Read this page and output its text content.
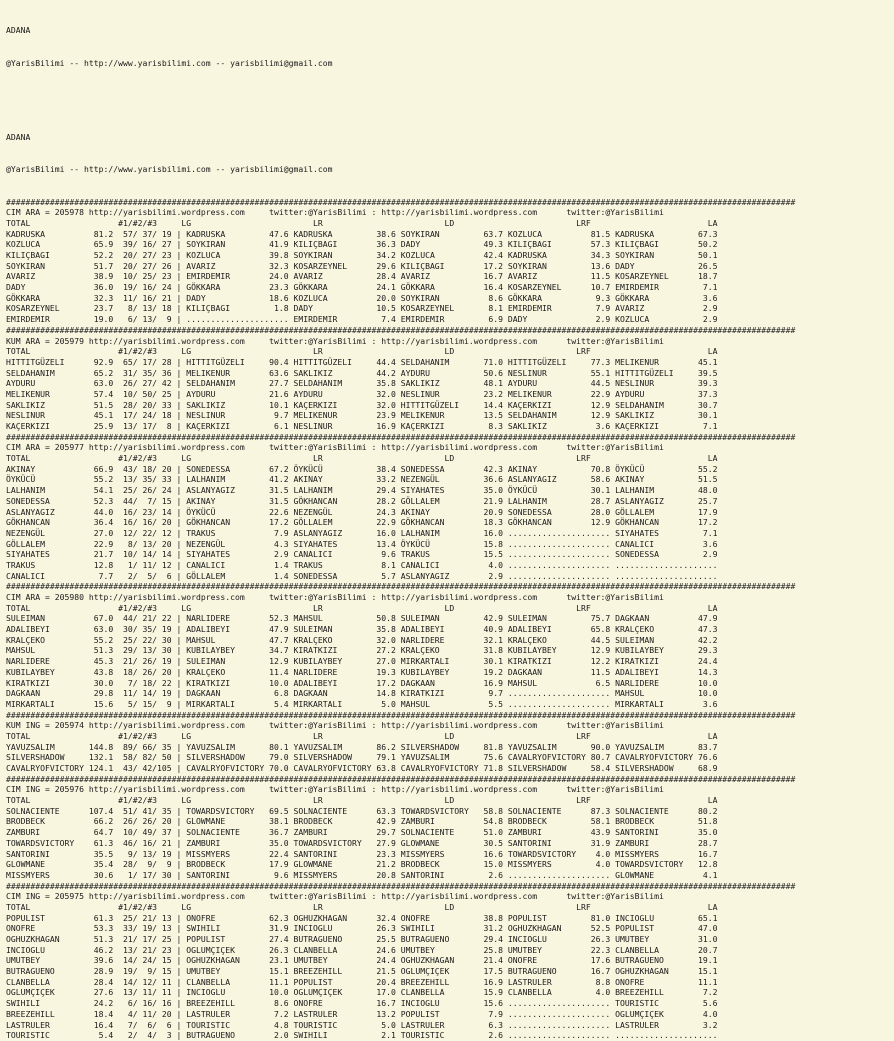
ADANA

@YarisBilimi -- http://www.yarisbilimi.com -- yarisbilimi@gmail.com

ADANA

@YarisBilimi -- http://www.yarisbilimi.com -- yarisbilimi@gmail.com

##################################################################################################################################################################
CIM ARA = 205978 http://yarisbilimi.wordpress.com     twitter:@YarisBilimi : http://yarisbilimi.wordpress.com      twitter:@YarisBilimi
TOTAL                  #1/#2/#3     LG                         LR                         LD                         LRF                        LA
KADRUSKA          81.2  57/ 37/ 19 | KADRUSKA         47.6 KADRUSKA         38.6 SOYKIRAN         63.7 KOZLUCA          81.5 KADRUSKA         67.3
KOZLUCA           65.9  39/ 16/ 27 | SOYKIRAN         41.9 KILIÇBAGI        36.3 DADY             49.3 KILIÇBAGI        57.3 KILIÇBAGI        50.2
KILIÇBAGI         52.2  20/ 27/ 23 | KOZLUCA          39.8 SOYKIRAN         34.2 KOZLUCA          42.4 KADRUSKA         34.3 SOYKIRAN         50.1
SOYKIRAN          51.7  20/ 27/ 26 | AVARIZ           32.3 KOSARZEYNEL      29.6 KILIÇBAGI        17.2 SOYKIRAN         13.6 DADY             26.5
AVARIZ            38.9  10/ 25/ 23 | EMIRDEMIR        24.0 AVARIZ           28.4 AVARIZ           16.7 AVARIZ           11.5 KOSARZEYNEL      18.7
DADY              36.0  19/ 16/ 24 | GÖKKARA          23.3 GÖKKARA          24.1 GÖKKARA          16.4 KOSARZEYNEL      10.7 EMIRDEMIR         7.1
GÖKKARA           32.3  11/ 16/ 21 | DADY             18.6 KOZLUCA          20.0 SOYKIRAN          8.6 GÖKKARA           9.3 GÖKKARA           3.6
KOSARZEYNEL       23.7   8/ 13/ 18 | KILIÇBAGI         1.8 DADY             10.5 KOSARZEYNEL       8.1 EMIRDEMIR         7.9 AVARIZ            2.9
EMIRDEMIR         19.0   6/ 13/  9 | ..................... EMIRDEMIR         7.4 EMIRDEMIR         6.9 DADY              2.9 KOZLUCA           2.9
##################################################################################################################################################################
KUM ARA = 205979 http://yarisbilimi.wordpress.com     twitter:@YarisBilimi : http://yarisbilimi.wordpress.com      twitter:@YarisBilimi
TOTAL                  #1/#2/#3     LG                         LR                         LD                         LRF                        LA
HITTITGÜZELI      92.9  65/ 17/ 28 | HITTITGÜZELI     90.4 HITTITGÜZELI     44.4 SELDAHANIM       71.0 HITTITGÜZELI     77.3 MELIKENUR        45.1
SELDAHANIM        65.2  31/ 35/ 36 | MELIKENUR        63.6 SAKLIKIZ         44.2 AYDURU           50.6 NESLINUR         55.1 HITTITGÜZELI     39.5
AYDURU            63.0  26/ 27/ 42 | SELDAHANIM       27.7 SELDAHANIM       35.8 SAKLIKIZ         48.1 AYDURU           44.5 NESLINUR         39.3
MELIKENUR         57.4  10/ 50/ 25 | AYDURU           21.6 AYDURU           32.0 NESLINUR         23.2 MELIKENUR        22.9 AYDURU           37.3
SAKLIKIZ          51.5  28/ 20/ 33 | SAKLIKIZ         10.1 KAÇERKIZI        32.0 HITTITGÜZELI     14.4 KAÇERKIZI        12.9 SELDAHANIM       30.7
NESLINUR          45.1  17/ 24/ 18 | NESLINUR          9.7 MELIKENUR        23.9 MELIKENUR        13.5 SELDAHANIM       12.9 SAKLIKIZ         30.1
KAÇERKIZI         25.9  13/ 17/  8 | KAÇERKIZI         6.1 NESLINUR         16.9 KAÇERKIZI         8.3 SAKLIKIZ          3.6 KAÇERKIZI         7.1
##################################################################################################################################################################
CIM ARA = 205977 http://yarisbilimi.wordpress.com     twitter:@YarisBilimi : http://yarisbilimi.wordpress.com      twitter:@YarisBilimi
TOTAL                  #1/#2/#3     LG                         LR                         LD                         LRF                        LA
AKINAY            66.9  43/ 18/ 20 | SONEDESSA        67.2 ÖYKÜCÜ           38.4 SONEDESSA        42.3 AKINAY           70.8 ÖYKÜCÜ           55.2
ÖYKÜCÜ            55.2  13/ 35/ 33 | LALHANIM         41.2 AKINAY           33.2 NEZENGÜL         36.6 ASLANYAGIZ       58.6 AKINAY           51.5
LALHANIM          54.1  25/ 26/ 24 | ASLANYAGIZ       31.5 LALHANIM         29.4 SIYAHATES        35.0 ÖYKÜCÜ           30.1 LALHANIM         48.0
SONEDESSA         52.3  44/  7/ 15 | AKINAY           31.5 GÖKHANCAN        28.2 GÖLLALEM         21.9 LALHANIM         28.7 ASLANYAGIZ       25.7
ASLANYAGIZ        44.0  16/ 23/ 14 | ÖYKÜCÜ           22.6 NEZENGÜL         24.3 AKINAY           20.9 SONEDESSA        28.0 GÖLLALEM         17.9
GÖKHANCAN         36.4  16/ 16/ 20 | GÖKHANCAN        17.2 GÖLLALEM         22.9 GÖKHANCAN        18.3 GÖKHANCAN        12.9 GÖKHANCAN        17.2
NEZENGÜL          27.0  12/ 22/ 12 | TRAKUS            7.9 ASLANYAGIZ       16.0 LALHANIM         16.0 ..................... SIYAHATES         7.1
GÖLLALEM          22.9   8/ 13/ 20 | NEZENGÜL          4.3 SIYAHATES        13.4 ÖYKÜCÜ           15.8 ..................... CANALICI          3.6
SIYAHATES         21.7  10/ 14/ 14 | SIYAHATES         2.9 CANALICI          9.6 TRAKUS           15.5 ..................... SONEDESSA         2.9
TRAKUS            12.8   1/ 11/ 12 | CANALICI          1.4 TRAKUS            8.1 CANALICI          4.0 ..................... .....................
CANALICI           7.7   2/  5/  6 | GÖLLALEM          1.4 SONEDESSA         5.7 ASLANYAGIZ        2.9 ..................... .....................
##################################################################################################################################################################
CIM ARA = 205980 http://yarisbilimi.wordpress.com     twitter:@YarisBilimi : http://yarisbilimi.wordpress.com      twitter:@YarisBilimi
TOTAL                  #1/#2/#3     LG                         LR                         LD                         LRF                        LA
SULEIMAN          67.0  44/ 21/ 22 | NARLIDERE        52.3 MAHSUL           50.8 SULEIMAN         42.9 SULEIMAN         75.7 DAGKAAN          47.9
ADALIBEYI         63.0  30/ 35/ 19 | ADALIBEYI        47.9 SULEIMAN         35.8 ADALIBEYI        40.9 ADALIBEYI        65.8 KRALÇEKO         47.3
KRALÇEKO          55.2  25/ 22/ 30 | MAHSUL           47.7 KRALÇEKO         32.0 NARLIDERE        32.1 KRALÇEKO         44.5 SULEIMAN         42.2
MAHSUL            51.3  29/ 13/ 30 | KUBILAYBEY       34.7 KIRATKIZI        27.2 KRALÇEKO         31.8 KUBILAYBEY       12.9 KUBILAYBEY       29.3
NARLIDERE         45.3  21/ 26/ 19 | SULEIMAN         12.9 KUBILAYBEY       27.0 MIRKARTALI       30.1 KIRATKIZI        12.2 KIRATKIZI        24.4
KUBILAYBEY        43.8  18/ 26/ 20 | KRALÇEKO         11.4 NARLIDERE        19.3 KUBILAYBEY       19.2 DAGKAAN          11.5 ADALIBEYI        14.3
KIRATKIZI         30.0   7/ 18/ 22 | KIRATKIZI        10.0 ADALIBEYI        17.2 DAGKAAN          16.9 MAHSUL            6.5 NARLIDERE        10.0
DAGKAAN           29.8  11/ 14/ 19 | DAGKAAN           6.8 DAGKAAN          14.8 KIRATKIZI         9.7 ..................... MAHSUL           10.0
MIRKARTALI        15.6   5/ 15/  9 | MIRKARTALI        5.4 MIRKARTALI        5.0 MAHSUL            5.5 ..................... MIRKARTALI        3.6
##################################################################################################################################################################
KUM ING = 205974 http://yarisbilimi.wordpress.com     twitter:@YarisBilimi : http://yarisbilimi.wordpress.com      twitter:@YarisBilimi
TOTAL                  #1/#2/#3     LG                         LR                         LD                         LRF                        LA
YAVUZSALIM       144.8  89/ 66/ 35 | YAVUZSALIM       80.1 YAVUZSALIM       86.2 SILVERSHADOW     81.8 YAVUZSALIM       90.0 YAVUZSALIM       83.7
SILVERSHADOW     132.1  58/ 82/ 50 | SILVERSHADOW     79.0 SILVERSHADOW     79.1 YAVUZSALIM       75.6 CAVALRYOFVICTORY 80.7 CAVALRYOFVICTORY 76.6
CAVALRYOFVICTORY 124.1  43/ 42/105 | CAVALRYOFVICTORY 70.0 CAVALRYOFVICTORY 63.8 CAVALRYOFVICTORY 71.8 SILVERSHADOW     58.4 SILVERSHADOW     68.9
##################################################################################################################################################################
CIM ING = 205976 http://yarisbilimi.wordpress.com     twitter:@YarisBilimi : http://yarisbilimi.wordpress.com      twitter:@YarisBilimi
TOTAL                  #1/#2/#3     LG                         LR                         LD                         LRF                        LA
SOLNACIENTE      107.4  51/ 41/ 35 | TOWARDSVICTORY   69.5 SOLNACIENTE      63.3 TOWARDSVICTORY   58.8 SOLNACIENTE      87.3 SOLNACIENTE      80.2
BRODBECK          66.2  26/ 26/ 20 | GLOWMANE         38.1 BRODBECK         42.9 ZAMBURI          54.8 BRODBECK         58.1 BRODBECK         51.8
ZAMBURI           64.7  10/ 49/ 37 | SOLNACIENTE      36.7 ZAMBURI          29.7 SOLNACIENTE      51.0 ZAMBURI          43.9 SANTORINI        35.0
TOWARDSVICTORY    61.3  46/ 16/ 21 | ZAMBURI          35.0 TOWARDSVICTORY   27.9 GLOWMANE         30.5 SANTORINI        31.9 ZAMBURI          28.7
SANTORINI         35.5   9/ 13/ 19 | MISSMYERS        22.4 SANTORINI        23.3 MISSMYERS        16.6 TOWARDSVICTORY    4.0 MISSMYERS        16.7
GLOWMANE          35.4  28/  9/  9 | BRODBECK         17.9 GLOWMANE         21.2 BRODBECK         15.0 MISSMYERS         4.0 TOWARDSVICTORY   12.8
MISSMYERS         30.6   1/ 17/ 30 | SANTORINI         9.6 MISSMYERS        20.8 SANTORINI         2.6 ..................... GLOWMANE          4.1
##################################################################################################################################################################
CIM ING = 205975 http://yarisbilimi.wordpress.com     twitter:@YarisBilimi : http://yarisbilimi.wordpress.com      twitter:@YarisBilimi
TOTAL                  #1/#2/#3     LG                         LR                         LD                         LRF                        LA
POPULIST          61.3  25/ 21/ 13 | ONOFRE           62.3 OGHUZKHAGAN      32.4 ONOFRE           38.8 POPULIST         81.0 INCIOGLU         65.1
ONOFRE            53.3  33/ 19/ 13 | SWIHILI          31.9 INCIOGLU         26.3 SWIHILI          31.2 OGHUZKHAGAN      52.5 POPULIST         47.0
OGHUZKHAGAN       51.3  21/ 17/ 25 | POPULIST         27.4 BUTRAGUENO       25.5 BUTRAGUENO       29.4 INCIOGLU         26.3 UMUTBEY          31.0
INCIOGLU          46.2  13/ 21/ 23 | OGLUMÇIÇEK       26.3 CLANBELLA        24.6 UMUTBEY          25.8 UMUTBEY          22.3 CLANBELLA        20.7
UMUTBEY           39.6  14/ 24/ 15 | OGHUZKHAGAN      23.1 UMUTBEY          24.4 OGHUZKHAGAN      21.4 ONOFRE           17.6 BUTRAGUENO       19.1
BUTRAGUENO        28.9  19/  9/ 15 | UMUTBEY          15.1 BREEZEHILL       21.5 OGLUMÇIÇEK       17.5 BUTRAGUENO       16.7 OGHUZKHAGAN      15.1
CLANBELLA         28.4  14/ 12/ 11 | CLANBELLA        11.1 POPULIST         20.4 BREEZEHILL       16.9 LASTRULER         8.8 ONOFRE           11.1
OGLUMÇIÇEK        27.6  13/ 11/ 11 | INCIOGLU         10.0 OGLUMÇIÇEK       17.0 CLANBELLA        15.9 CLANBELLA         4.0 BREEZEHILL        7.2
SWIHILI           24.2   6/ 16/ 16 | BREEZEHILL        8.6 ONOFRE           16.7 INCIOGLU         15.6 ..................... TOURISTIC         5.6
BREEZEHILL        18.4   4/ 11/ 20 | LASTRULER         7.2 LASTRULER        13.2 POPULIST          7.9 ..................... OGLUMÇIÇEK        4.0
LASTRULER         16.4   7/  6/  6 | TOURISTIC         4.8 TOURISTIC         5.0 LASTRULER         6.3 ..................... LASTRULER         3.2
TOURISTIC          5.4   2/  4/  3 | BUTRAGUENO        2.0 SWIHILI           2.1 TOURISTIC         2.6 ..................... .....................
